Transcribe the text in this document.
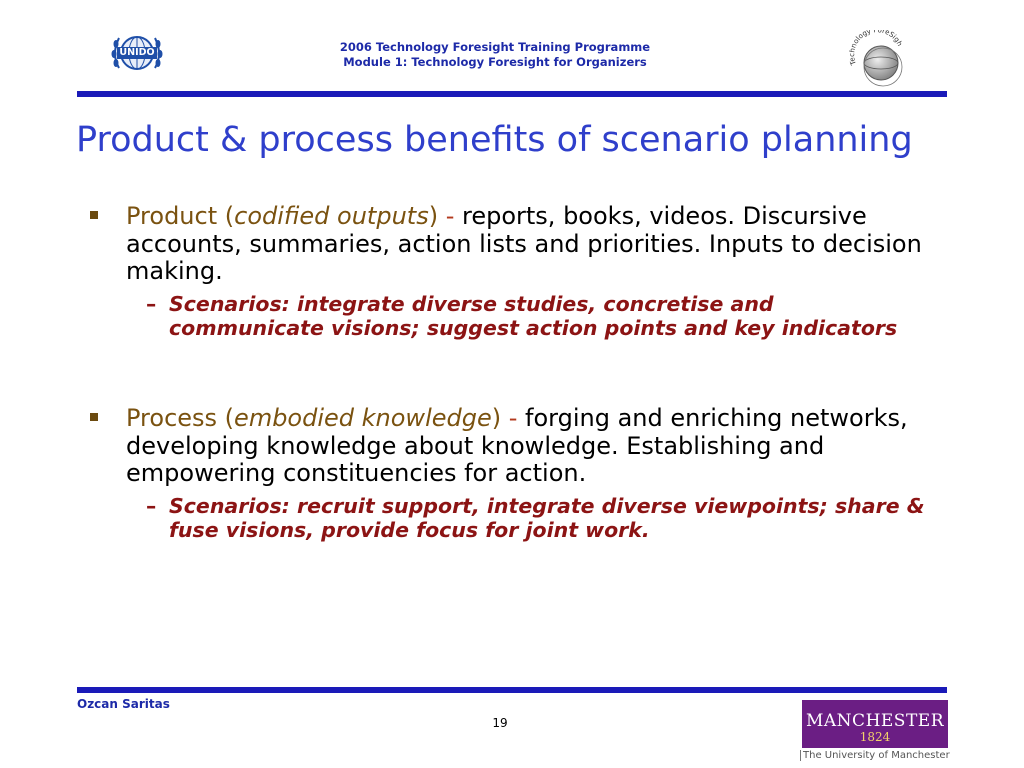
UNIDO	2006 Technology Foresight Training Programme
Module 1: Technology Foresight for Organizers	Technology ForeSigh
Product & process benefits of scenario planning
Product (codified outputs) - reports, books, videos. Discursive accounts, summaries, action lists and priorities. Inputs to decision making.
– Scenarios: integrate diverse studies, concretise and communicate visions; suggest action points and key indicators
Process (embodied knowledge) - forging and enriching networks, developing knowledge about knowledge. Establishing and empowering constituencies for action.
– Scenarios: recruit support, integrate diverse viewpoints; share & fuse visions, provide focus for joint work.
Ozcan Saritas
19	MANCHESTER
1824
The University of Manchester
